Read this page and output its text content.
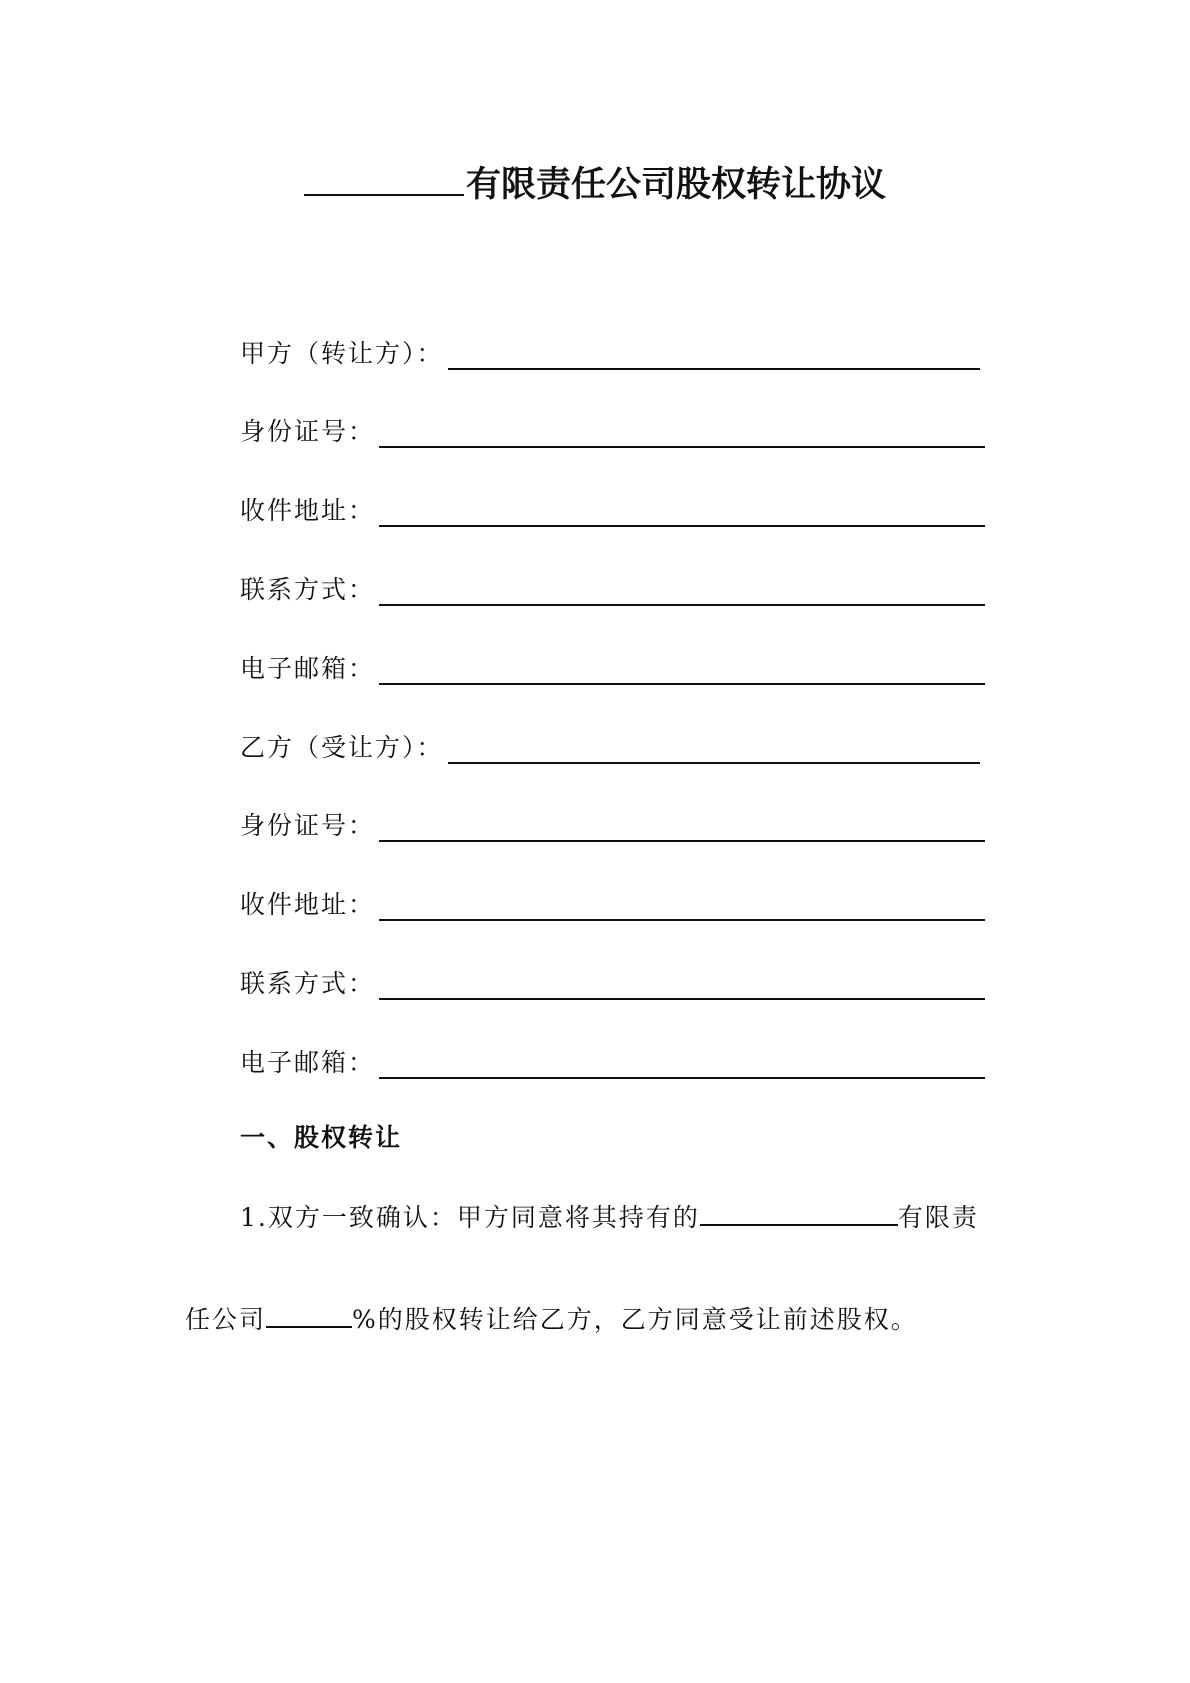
有限责任公司股权转让协议
甲方（转让方）：
身份证号：
收件地址：
联系方式：
电子邮箱：
乙方（受让方）：
身份证号：
收件地址：
联系方式：
电子邮箱：
一、股权转让
1.双方一致确认：甲方同意将其持有的	有限责
任公司	%的股权转让给乙方，乙方同意受让前述股权。
